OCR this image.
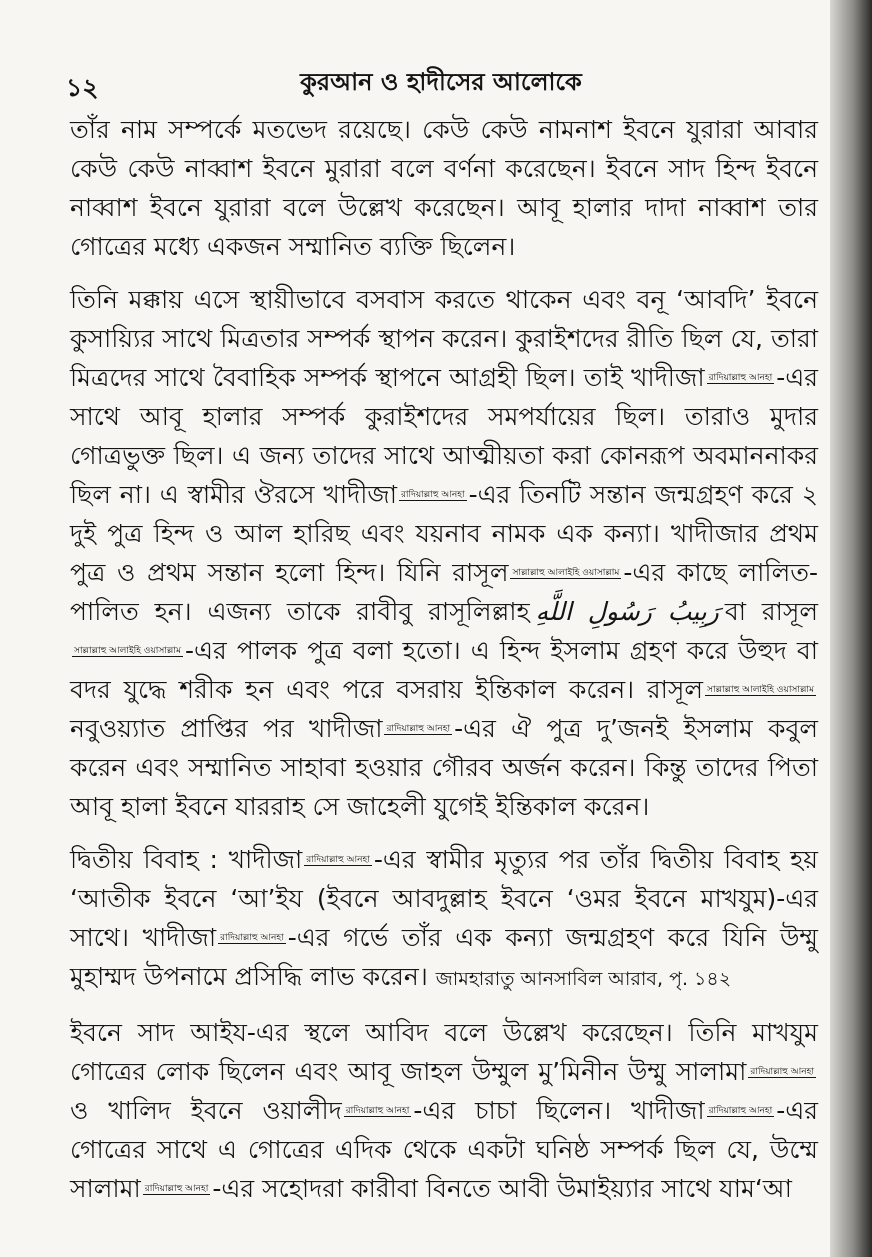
১২	কুরআন ও হাদীসের আলোকে

তাঁর নাম সম্পর্কে মতভেদ রয়েছে। কেউ কেউ নামনাশ ইবনে যুরারা আবার কেউ কেউ নাব্বাশ ইবনে মুরারা বলে বর্ণনা করেছেন। ইবনে সাদ হিন্দ ইবনে নাব্বাশ ইবনে যুরারা বলে উল্লেখ করেছেন। আবূ হালার দাদা নাব্বাশ তার গোত্রের মধ্যে একজন সম্মানিত ব্যক্তি ছিলেন।

তিনি মক্কায় এসে স্থায়ীভাবে বসবাস করতে থাকেন এবং বনূ ‘আবদি’ ইবনে কুসায়্যির সাথে মিত্রতার সম্পর্ক স্থাপন করেন। কুরাইশদের রীতি ছিল যে, তারা মিত্রদের সাথে বৈবাহিক সম্পর্ক স্থাপনে আগ্রহী ছিল। তাই খাদীজা রাদিয়াল্লাহু আনহা -এর সাথে আবূ হালার সম্পর্ক কুরাইশদের সমপর্যায়ের ছিল। তারাও মুদার গোত্রভুক্ত ছিল। এ জন্য তাদের সাথে আত্মীয়তা করা কোনরূপ অবমাননাকর ছিল না। এ স্বামীর ঔরসে খাদীজা রাদিয়াল্লাহু আনহা -এর তিনটি সন্তান জন্মগ্রহণ করে ২ দুই পুত্র হিন্দ ও আল হারিছ এবং যয়নাব নামক এক কন্যা। খাদীজার প্রথম পুত্র ও প্রথম সন্তান হলো হিন্দ। যিনি রাসূল সাল্লাল্লাহু আলাইহি ওয়াসাল্লাম -এর কাছে লালিত-পালিত হন। এজন্য তাকে রাবীবু রাসূলিল্লাহ رَبِيبُ رَسُولِ اللَّهِ বা রাসূলসাল্লাল্লাহু আলাইহি ওয়াসাল্লাম -এর পালক পুত্র বলা হতো। এ হিন্দ ইসলাম গ্রহণ করে উহুদ বা বদর যুদ্ধে শরীক হন এবং পরে বসরায় ইন্তিকাল করেন। রাসূল সাল্লাল্লাহু আলাইহি ওয়াসাল্লামনবুওয়্যাত প্রাপ্তির পর খাদীজা রাদিয়াল্লাহু আনহা -এর ঐ পুত্র দু’জনই ইসলাম কবুল করেন এবং সম্মানিত সাহাবা হওয়ার গৌরব অর্জন করেন। কিন্তু তাদের পিতা আবূ হালা ইবনে যাররাহ সে জাহেলী যুগেই ইন্তিকাল করেন।

দ্বিতীয় বিবাহ : খাদীজা রাদিয়াল্লাহু আনহা -এর স্বামীর মৃত্যুর পর তাঁর দ্বিতীয় বিবাহ হয় ‘আতীক ইবনে ‘আ’ইয (ইবনে আবদুল্লাহ ইবনে ‘ওমর ইবনে মাখযুম)-এর সাথে। খাদীজা রাদিয়াল্লাহু আনহা -এর গর্ভে তাঁর এক কন্যা জন্মগ্রহণ করে যিনি উম্মু মুহাম্মদ উপনামে প্রসিদ্ধি লাভ করেন। জামহারাতু আনসাবিল আরাব, পৃ. ১৪২

ইবনে সাদ আইয-এর স্থলে আবিদ বলে উল্লেখ করেছেন। তিনি মাখযুম গোত্রের লোক ছিলেন এবং আবূ জাহল উম্মুল মু’মিনীন উম্মু সালামা রাদিয়াল্লাহু আনহাও খালিদ ইবনে ওয়ালীদ রাদিয়াল্লাহু আনহা -এর চাচা ছিলেন। খাদীজা রাদিয়াল্লাহু আনহা -এর গোত্রের সাথে এ গোত্রের এদিক থেকে একটা ঘনিষ্ঠ সম্পর্ক ছিল যে, উম্মে সালামা রাদিয়াল্লাহু আনহা -এর সহোদরা কারীবা বিনতে আবী উমাইয়্যার সাথে যাম‘আ
